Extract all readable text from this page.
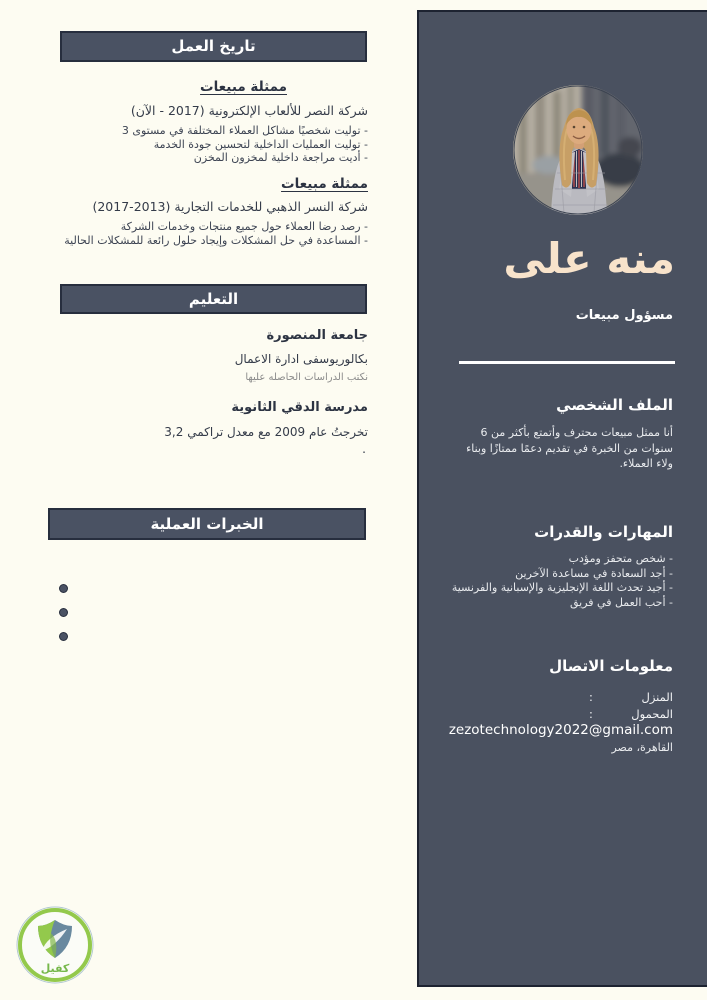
تاريخ العمل
ممثلة مبيعات
شركة النصر للألعاب الإلكترونية (2017 - الآن)
- توليت شخصيًا مشاكل العملاء المختلفة في مستوى 3
- توليت العمليات الداخلية لتحسين جودة الخدمة
- أديت مراجعة داخلية لمخزون المخزن
ممثلة مبيعات
شركة النسر الذهبي للخدمات التجارية (2013-2017)
- رصد رضا العملاء حول جميع منتجات وخدمات الشركة
- المساعدة في حل المشكلات وإيجاد حلول رائعة للمشكلات الحالية
التعليم
جامعة المنصورة
بكالوريوسفى ادارة الاعمال
نكتب الدراسات الحاصله عليها
مدرسة الدقي الثانوية
تخرجتُ عام 2009 مع معدل تراكمي 3,2
.
الخبرات العملية
كفيل
منه على
مسؤول مبيعات
الملف الشخصي
أنا ممثل مبيعات محترف وأتمتع بأكثر من 6 سنوات من الخبرة في تقديم دعمًا ممتازًا وبناء ولاء العملاء.
المهارات والقدرات
- شخص متحفز ومؤدب
- أجد السعادة في مساعدة الآخرين
- أجيد تحدث اللغة الإنجليزية والإسبانية والفرنسية
- أحب العمل في فريق
معلومات الاتصال
المنزل
:
المحمول
:
zezotechnology2022@gmail.com
القاهرة، مصر
